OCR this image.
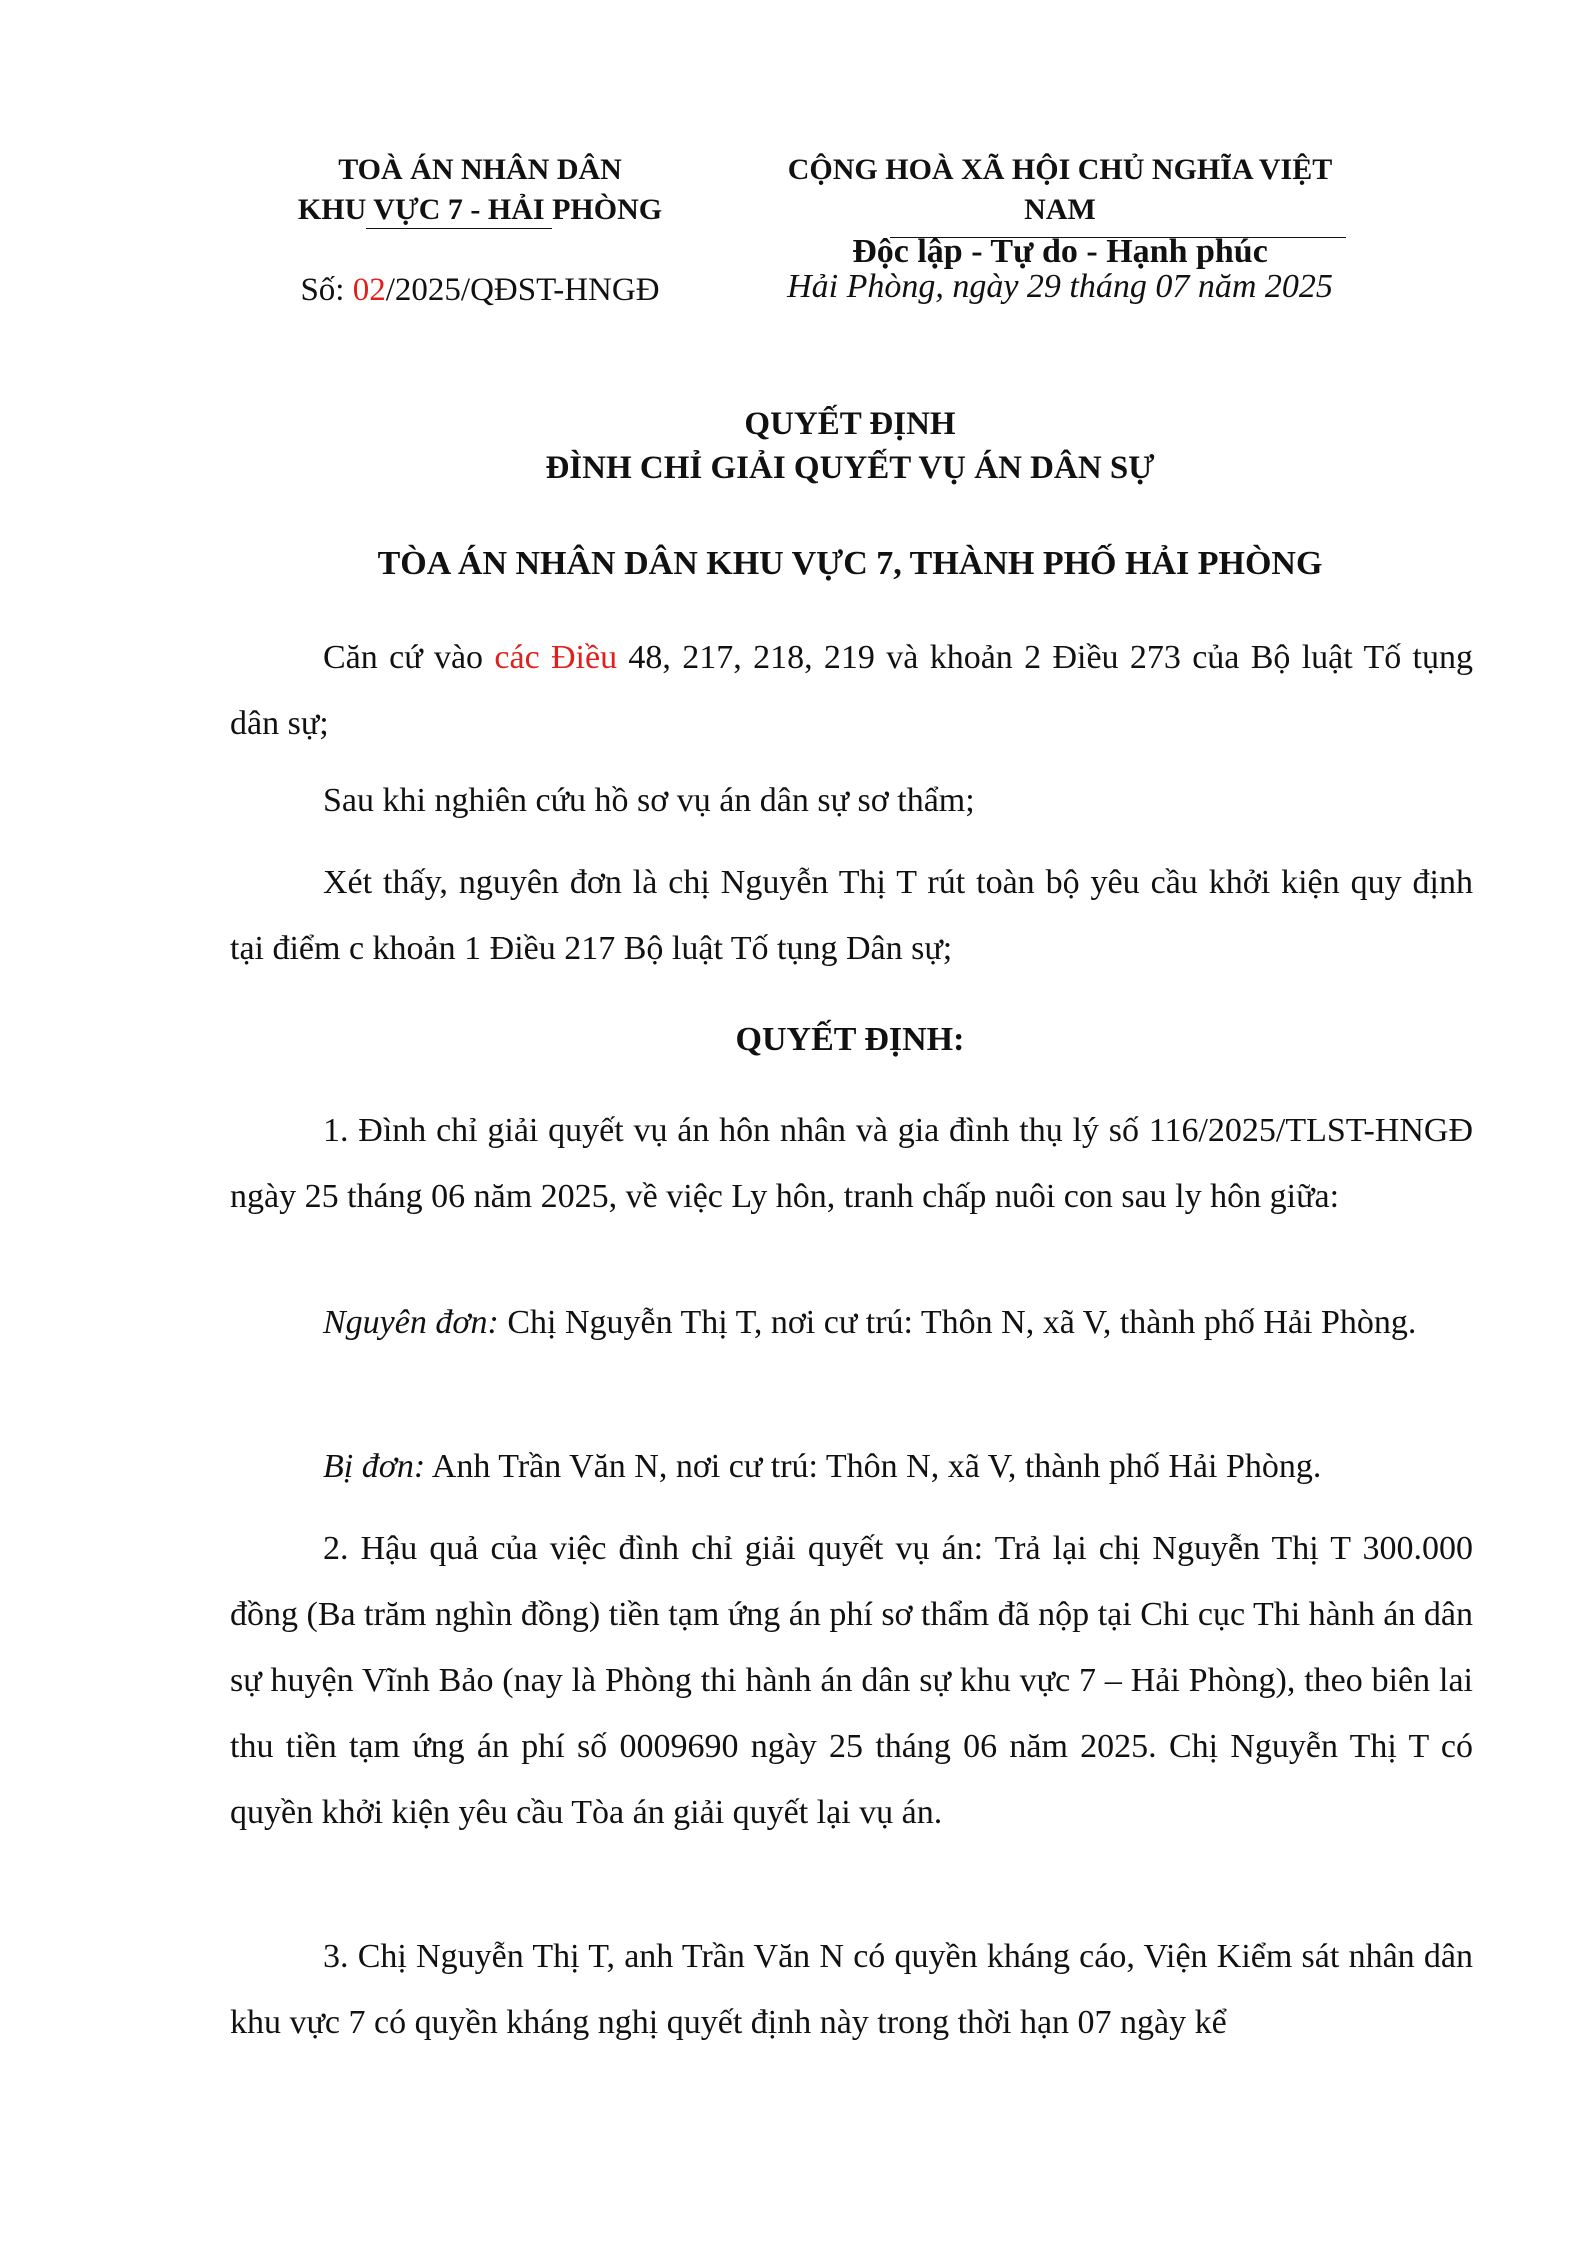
TOÀ ÁN NHÂN DÂN
KHU VỰC 7 - HẢI PHÒNG
CỘNG HOÀ XÃ HỘI CHỦ NGHĨA VIỆT NAM
Độc lập - Tự do - Hạnh phúc
Số: 02/2025/QĐST-HNGĐ	Hải Phòng, ngày 29 tháng 07 năm 2025
QUYẾT ĐỊNH
ĐÌNH CHỈ GIẢI QUYẾT VỤ ÁN DÂN SỰ
TÒA ÁN NHÂN DÂN KHU VỰC 7, THÀNH PHỐ HẢI PHÒNG
Căn cứ vào các Điều 48, 217, 218, 219 và khoản 2 Điều 273 của Bộ luật Tố tụng dân sự;
Sau khi nghiên cứu hồ sơ vụ án dân sự sơ thẩm;
Xét thấy, nguyên đơn là chị Nguyễn Thị T rút toàn bộ yêu cầu khởi kiện quy định tại điểm c khoản 1 Điều 217 Bộ luật Tố tụng Dân sự;
QUYẾT ĐỊNH:
1. Đình chỉ giải quyết vụ án hôn nhân và gia đình thụ lý số 116/2025/TLST-HNGĐ ngày 25 tháng 06 năm 2025, về việc Ly hôn, tranh chấp nuôi con sau ly hôn giữa:
Nguyên đơn: Chị Nguyễn Thị T, nơi cư trú: Thôn N, xã V, thành phố Hải Phòng.
Bị đơn: Anh Trần Văn N, nơi cư trú: Thôn N, xã V, thành phố Hải Phòng.
2. Hậu quả của việc đình chỉ giải quyết vụ án: Trả lại chị Nguyễn Thị T 300.000 đồng (Ba trăm nghìn đồng) tiền tạm ứng án phí sơ thẩm đã nộp tại Chi cục Thi hành án dân sự huyện Vĩnh Bảo (nay là Phòng thi hành án dân sự khu vực 7 – Hải Phòng), theo biên lai thu tiền tạm ứng án phí số 0009690 ngày 25 tháng 06 năm 2025. Chị Nguyễn Thị T có quyền khởi kiện yêu cầu Tòa án giải quyết lại vụ án.
3. Chị Nguyễn Thị T, anh Trần Văn N có quyền kháng cáo, Viện Kiểm sát nhân dân khu vực 7 có quyền kháng nghị quyết định này trong thời hạn 07 ngày kể
